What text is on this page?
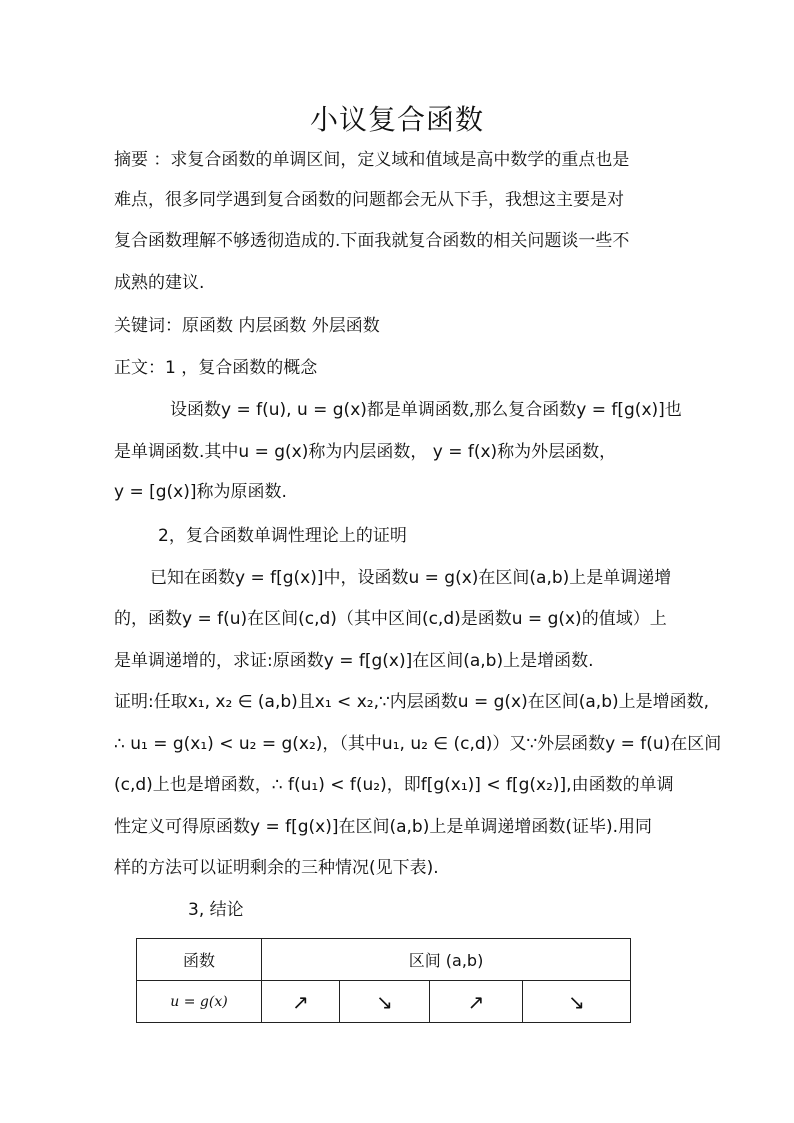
小议复合函数
摘要 ：求复合函数的单调区间，定义域和值域是高中数学的重点也是
难点，很多同学遇到复合函数的问题都会无从下手，我想这主要是对
复合函数理解不够透彻造成的.下面我就复合函数的相关问题谈一些不
成熟的建议.
关键词：原函数 内层函数 外层函数
正文：1 ，复合函数的概念
设函数y = f(u), u = g(x)都是单调函数,那么复合函数y = f[g(x)]也
是单调函数.其中u = g(x)称为内层函数， y = f(x)称为外层函数，
y = [g(x)]称为原函数.
2，复合函数单调性理论上的证明
已知在函数y = f[g(x)]中，设函数u = g(x)在区间(a,b)上是单调递增
的，函数y = f(u)在区间(c,d)（其中区间(c,d)是函数u = g(x)的值域）上
是单调递增的，求证:原函数y = f[g(x)]在区间(a,b)上是增函数.
证明:任取x₁, x₂ ∈ (a,b)且x₁ < x₂,∵内层函数u = g(x)在区间(a,b)上是增函数,
∴ u₁ = g(x₁) < u₂ = g(x₂)，（其中u₁, u₂ ∈ (c,d)）又∵外层函数y = f(u)在区间
(c,d)上也是增函数，∴ f(u₁) < f(u₂)，即f[g(x₁)] < f[g(x₂)],由函数的单调
性定义可得原函数y = f[g(x)]在区间(a,b)上是单调递增函数(证毕).用同
样的方法可以证明剩余的三种情况(见下表).
3, 结论
函数	区间 (a,b)			
u = g(x)	↗	↘	↗	↘
